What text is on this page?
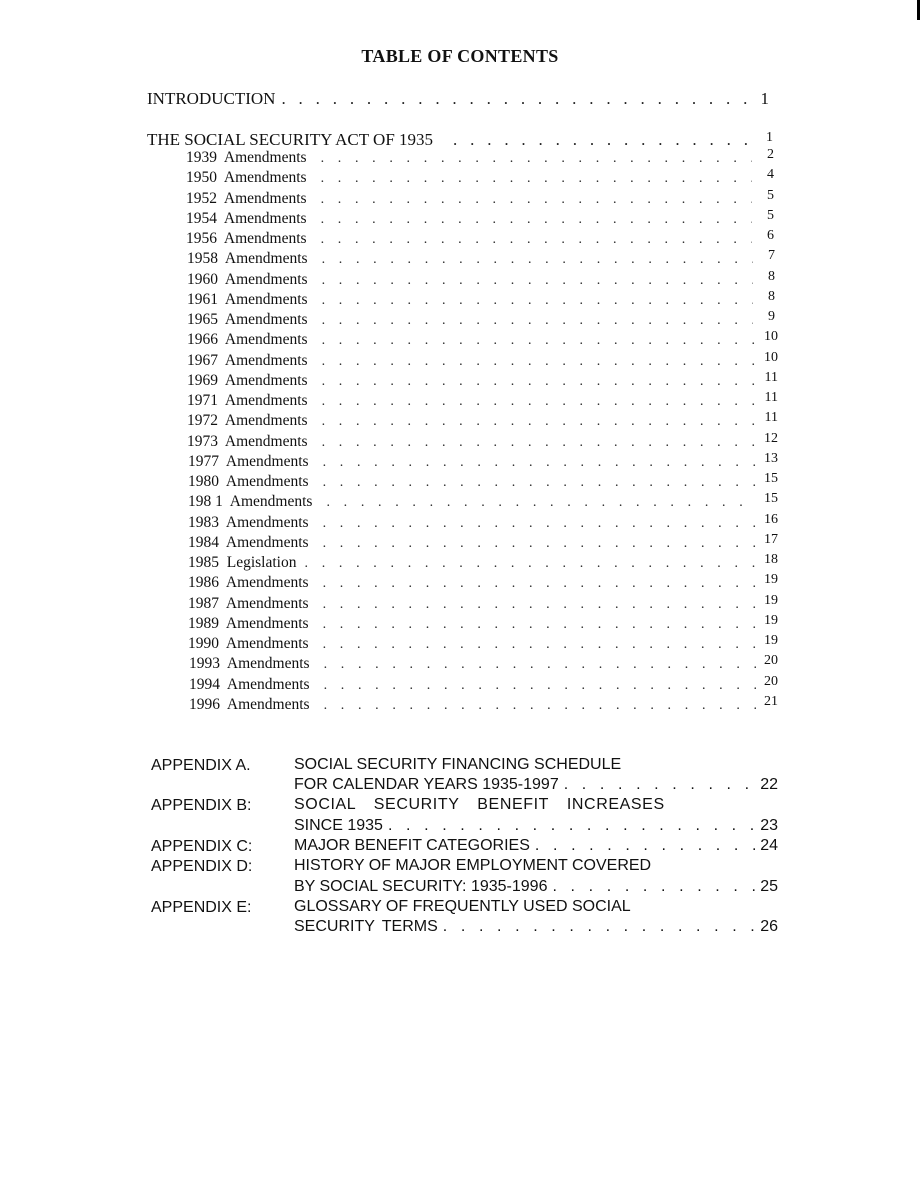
TABLE OF CONTENTS
INTRODUCTION . . .	1
THE SOCIAL SECURITY ACT OF 1935 . . .	1
1939  Amendments . . .	2
1950  Amendments . . .	4
1952  Amendments . . .	5
1954  Amendments . . .	5
1956  Amendments . . .	6
1958  Amendments . . .	7
1960  Amendments . . .	8
1961  Amendments . . .	8
1965  Amendments . . .	9
1966  Amendments . . .	10
1967  Amendments . . .	10
1969  Amendments . . .	11
1971  Amendments . . .	11
1972  Amendments . . .	11
1973  Amendments . . .	12
1977  Amendments . . .	13
1980  Amendments . . .	15
198 1  Amendments . . .	15
1983  Amendments . . .	16
1984  Amendments . . .	17
1985  Legislation . . .	18
1986  Amendments . . .	19
1987  Amendments . . .	19
1989  Amendments . . .	19
1990  Amendments . . .	19
1993  Amendments . . .	20
1994  Amendments . . .	20
1996  Amendments . . .	21
APPENDIX A.	SOCIAL SECURITY FINANCING SCHEDULE
FOR CALENDAR YEARS 1935-1997 . . .	22
APPENDIX B:	SOCIAL  SECURITY  BENEFIT  INCREASES
SINCE 1935 . . .	23
APPENDIX C:	MAJOR BENEFIT CATEGORIES . . .	24
APPENDIX D:	HISTORY OF MAJOR EMPLOYMENT COVERED
BY SOCIAL SECURITY: 1935-1996 . . .	25
APPENDIX E:	GLOSSARY OF FREQUENTLY USED SOCIAL
SECURITY TERMS . . .	26
